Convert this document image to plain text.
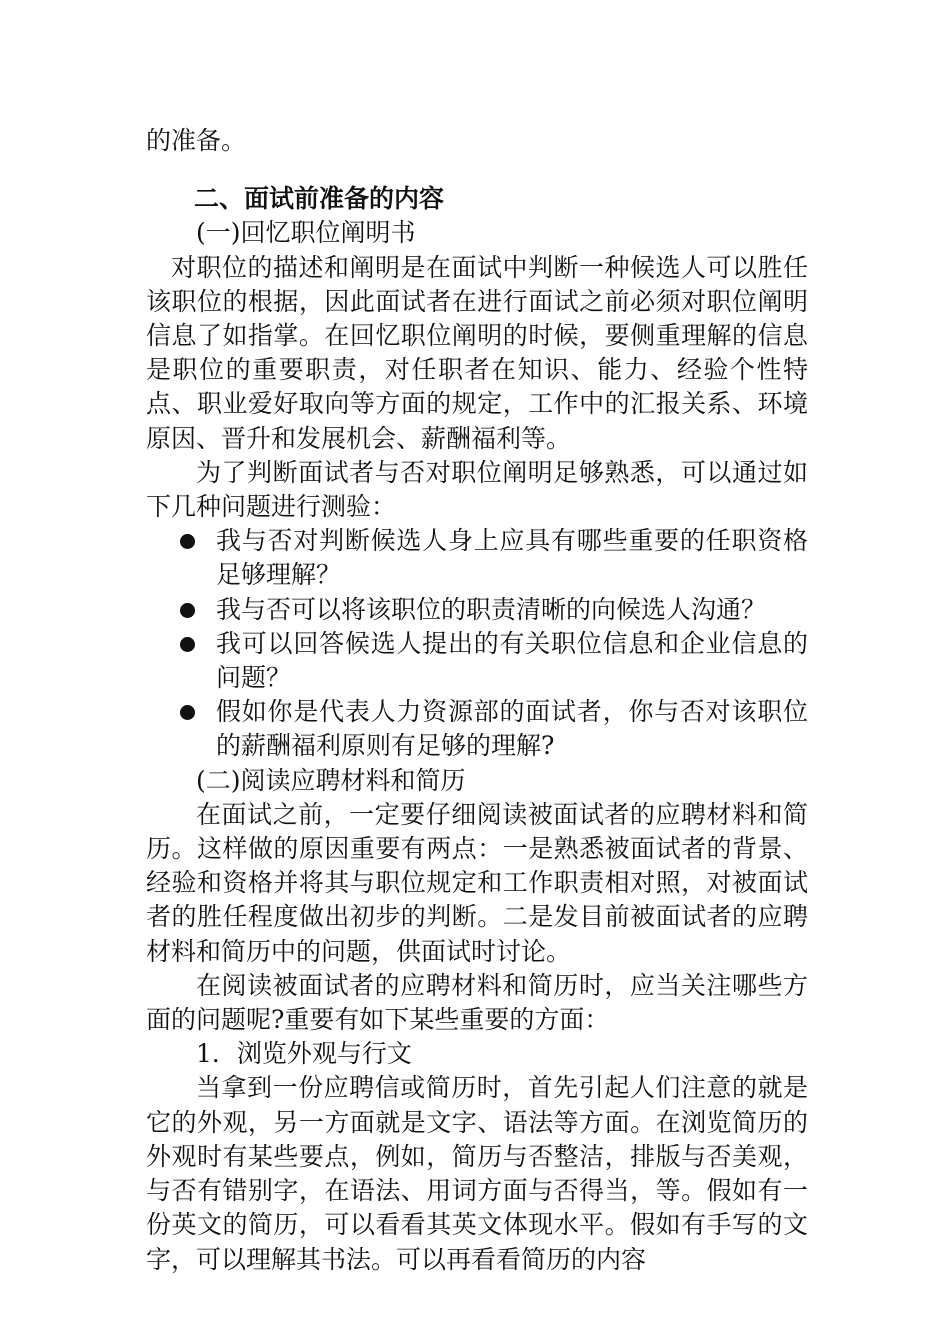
的准备。

二、面试前准备的内容

(一)回忆职位阐明书

对职位的描述和阐明是在面试中判断一种候选人可以胜任该职位的根据，因此面试者在进行面试之前必须对职位阐明信息了如指掌。在回忆职位阐明的时候，要侧重理解的信息是职位的重要职责，对任职者在知识、能力、经验个性特点、职业爱好取向等方面的规定，工作中的汇报关系、环境原因、晋升和发展机会、薪酬福利等。

为了判断面试者与否对职位阐明足够熟悉，可以通过如下几种问题进行测验：

我与否对判断候选人身上应具有哪些重要的任职资格足够理解？
我与否可以将该职位的职责清晰的向候选人沟通？
我可以回答候选人提出的有关职位信息和企业信息的问题？
假如你是代表人力资源部的面试者，你与否对该职位的薪酬福利原则有足够的理解?

(二)阅读应聘材料和简历

在面试之前，一定要仔细阅读被面试者的应聘材料和简历。这样做的原因重要有两点：一是熟悉被面试者的背景、经验和资格并将其与职位规定和工作职责相对照，对被面试者的胜任程度做出初步的判断。二是发目前被面试者的应聘材料和简历中的问题，供面试时讨论。

在阅读被面试者的应聘材料和简历时，应当关注哪些方面的问题呢?重要有如下某些重要的方面：

1．浏览外观与行文

当拿到一份应聘信或简历时，首先引起人们注意的就是它的外观，另一方面就是文字、语法等方面。在浏览简历的外观时有某些要点，例如，简历与否整洁，排版与否美观，与否有错别字，在语法、用词方面与否得当，等。假如有一份英文的简历，可以看看其英文体现水平。假如有手写的文字，可以理解其书法。可以再看看简历的内容
